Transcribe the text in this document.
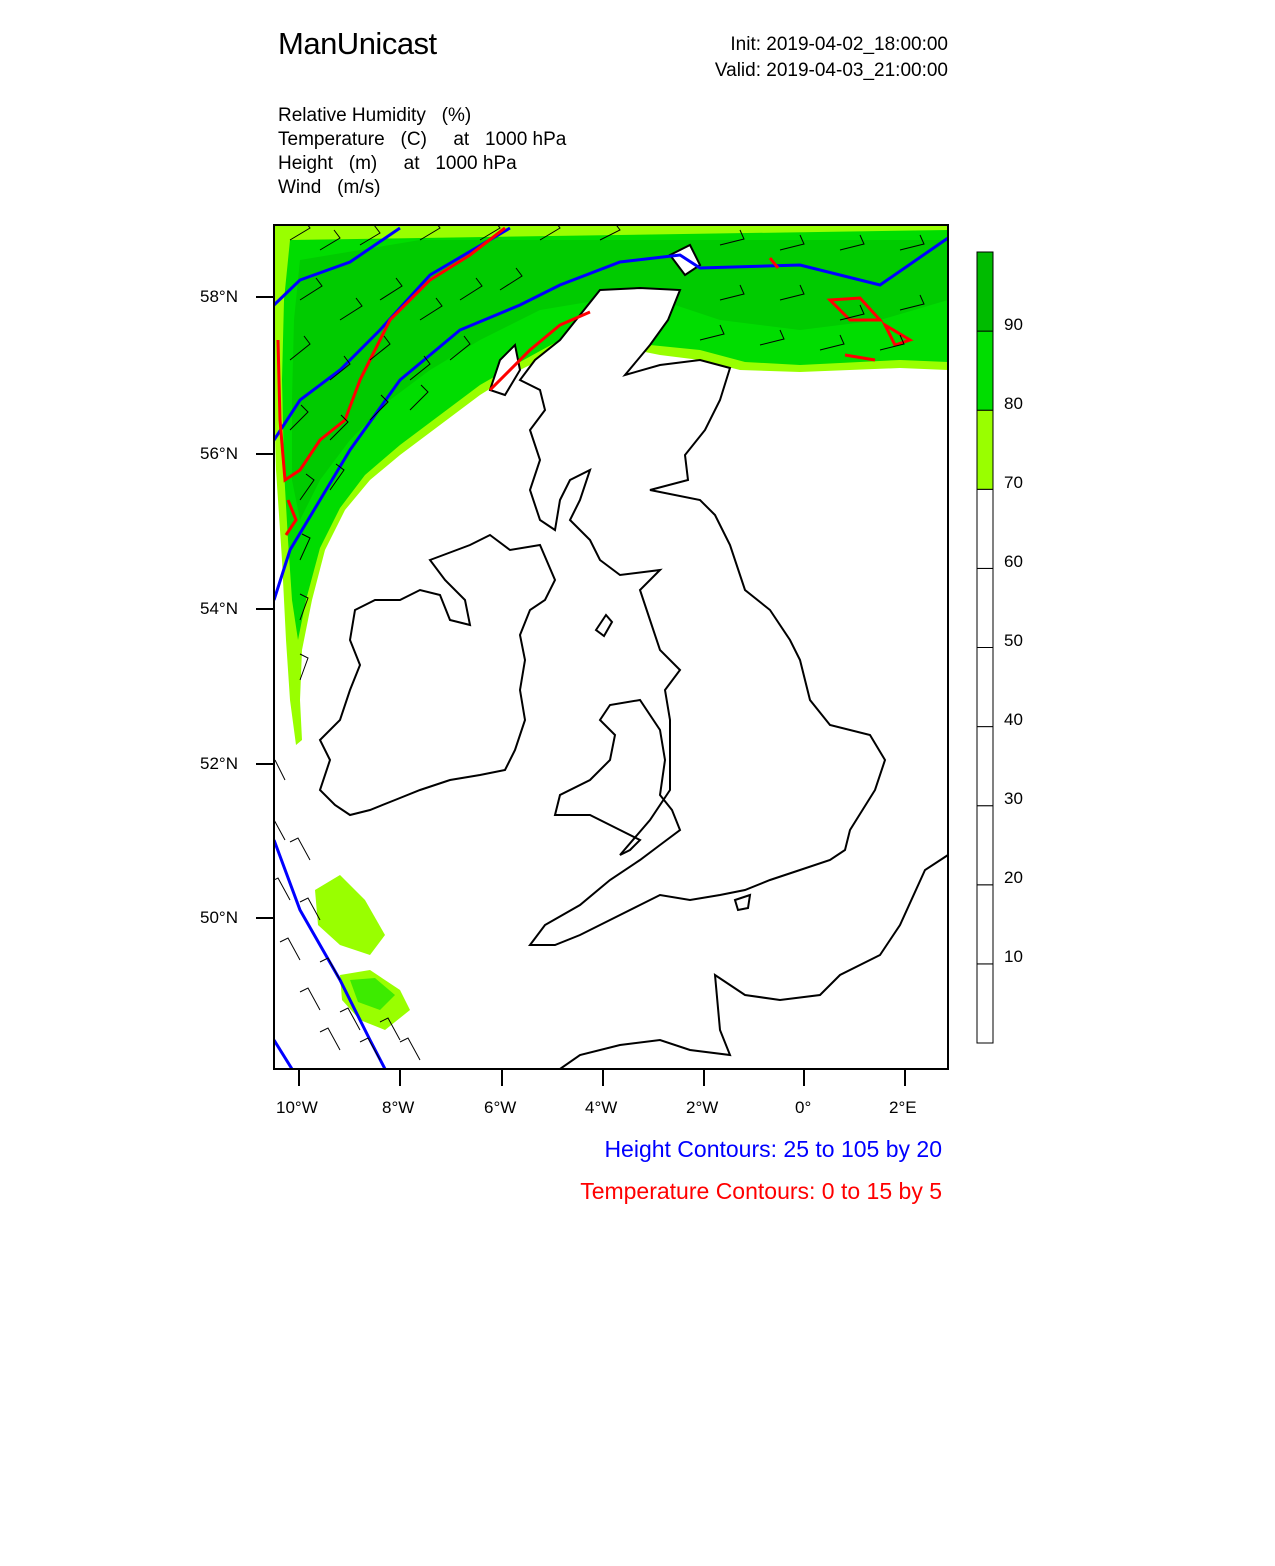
ManUnicast	Init: 2019-04-02_18:00:00
Valid: 2019-04-03_21:00:00
Relative Humidity (%)
Temperature (C) at 1000 hPa
Height (m) at 1000 hPa
Wind (m/s)
58°N
56°N
54°N
52°N
50°N
10°W	8°W	6°W	4°W	2°W	0°	2°E
10
20
30
40
50
60
70
80
90
Height Contours: 25 to 105 by 20
Temperature Contours: 0 to 15 by 5
